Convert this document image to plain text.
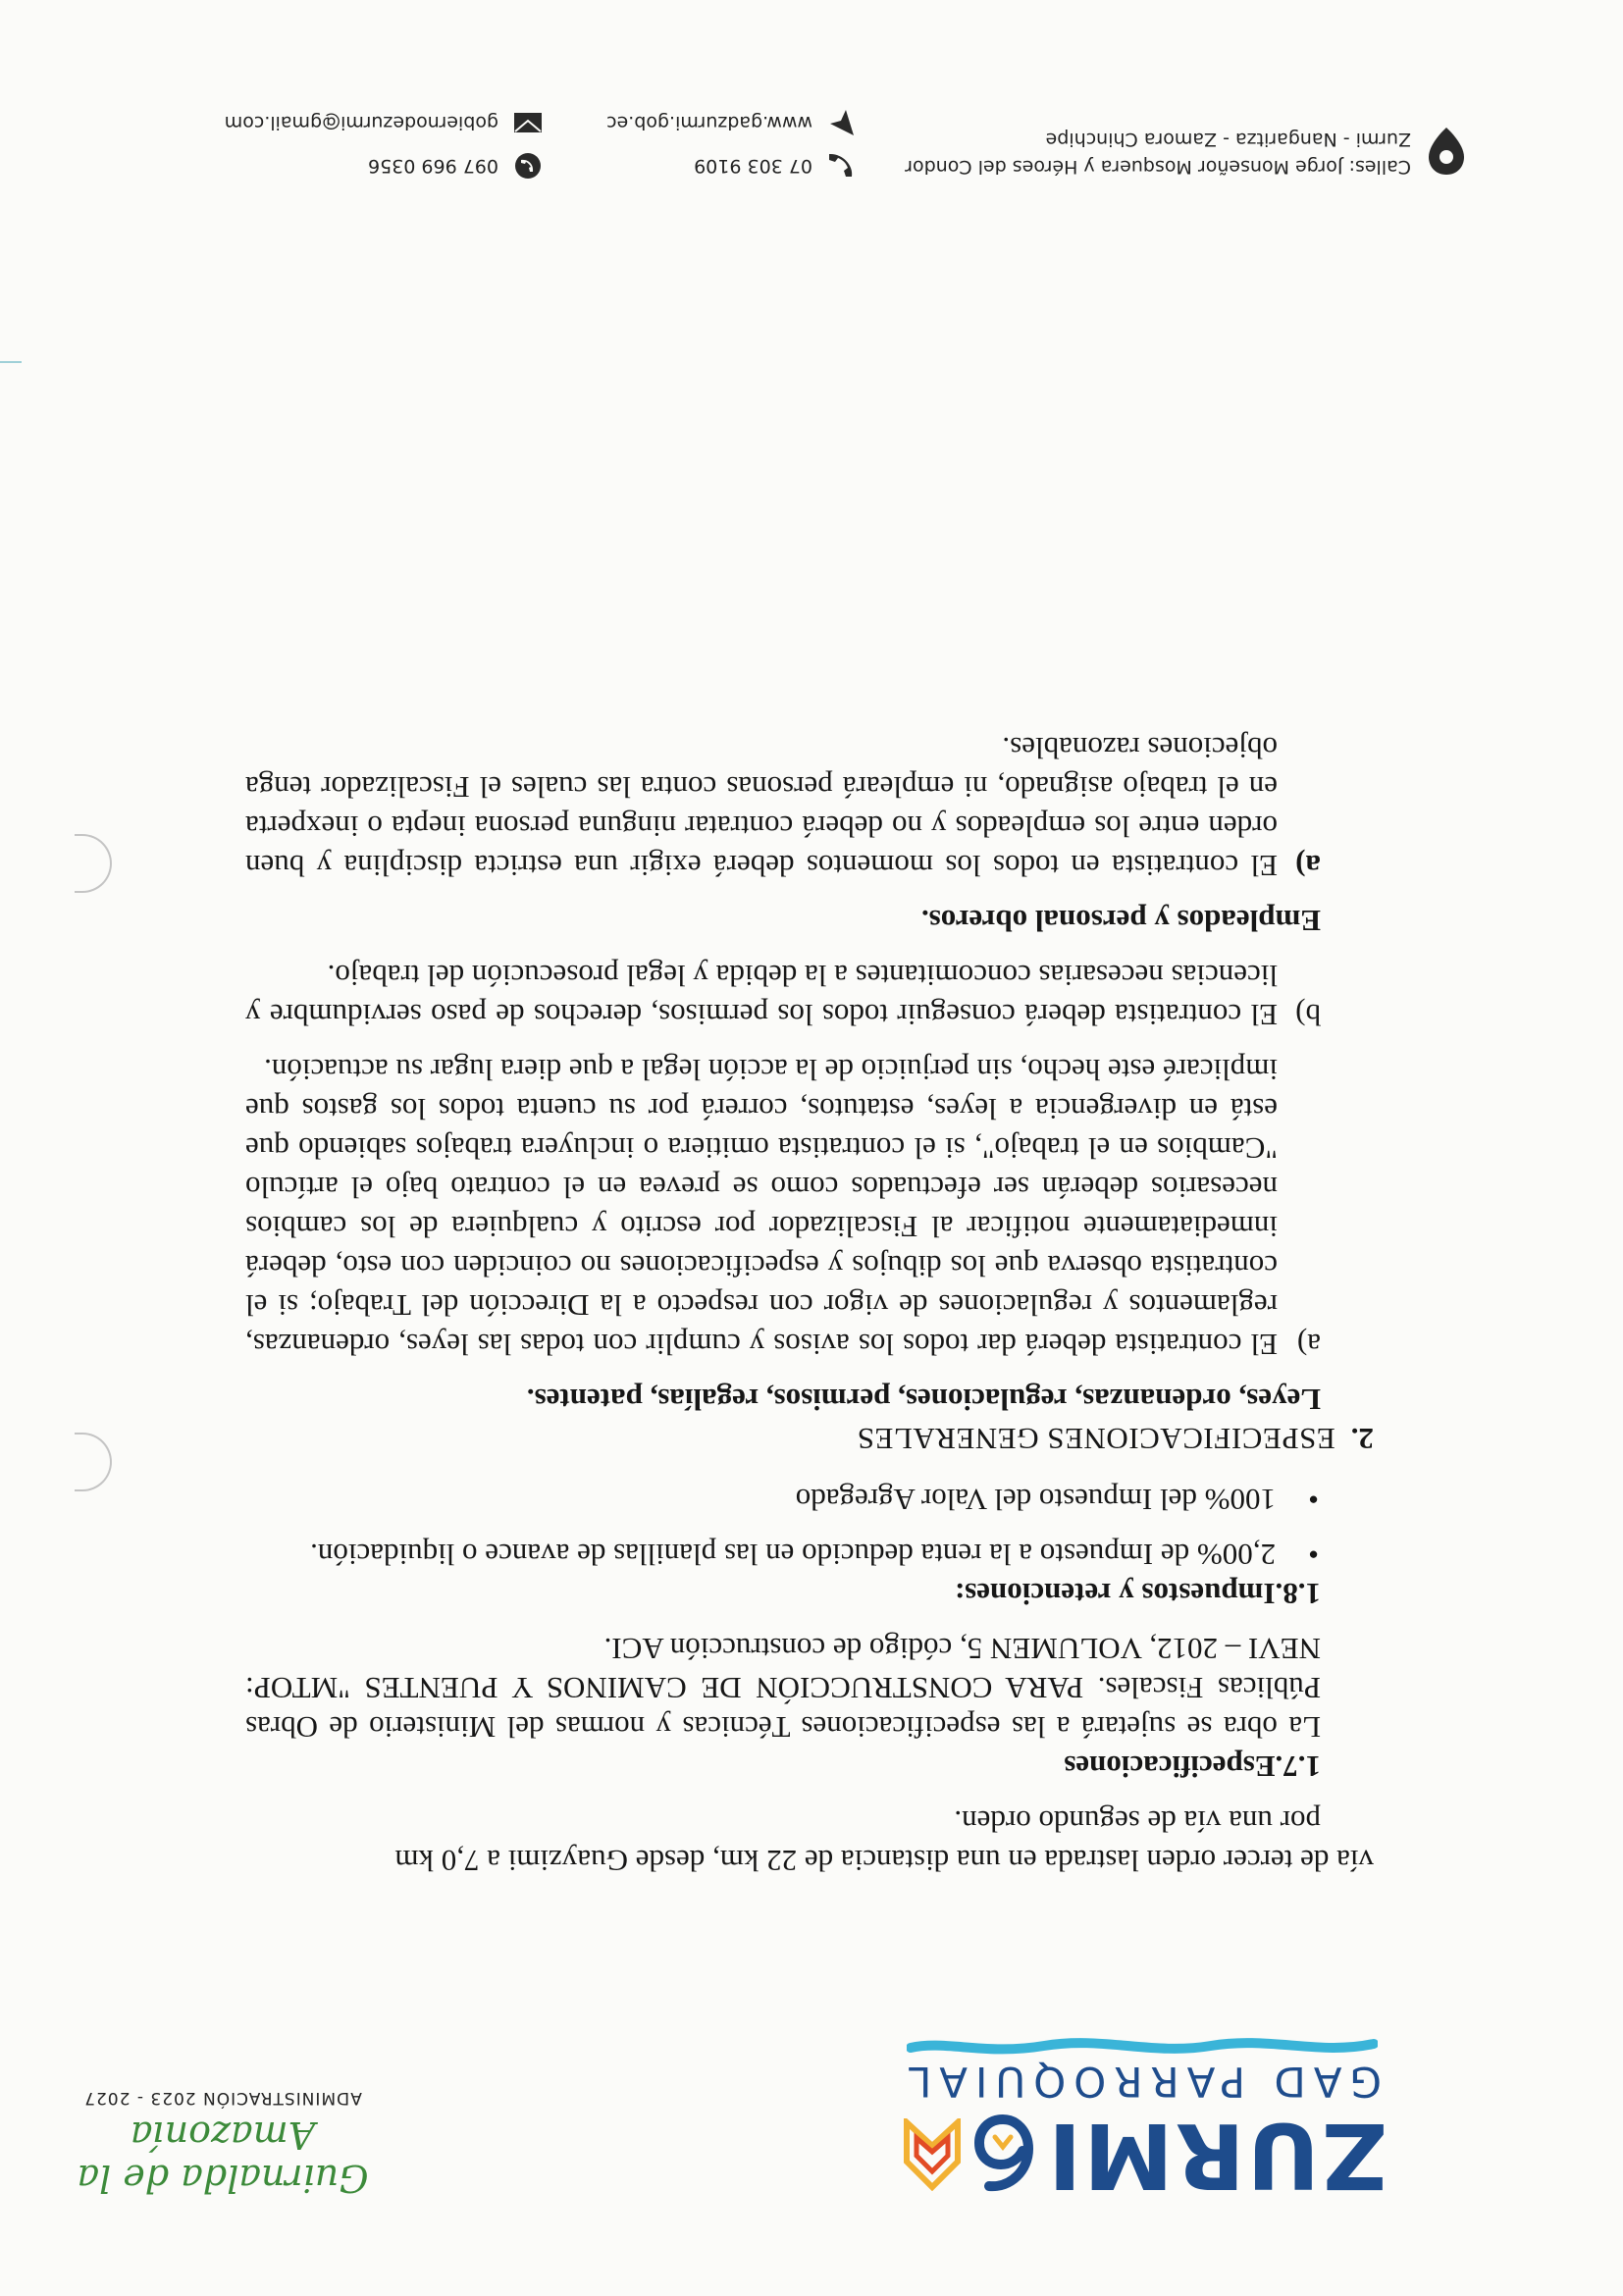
ZURMI
GAD PARROQUIAL
Guirnalda de la Amazonía
ADMINISTRACIÓN 2023 - 2027

vía de tercer orden lastrada en una distancia de 22 km, desde Guayzimi a 7,0 km

por una vía de segundo orden.

1.7.Especificaciones

La obra se sujetará a las especificaciones Técnicas y normas del Ministerio de Obras Públicas Fiscales. PARA CONSTRUCCIÓN DE CAMINOS Y PUENTES "MTOP: NEVI – 2012, VOLUMEN 5, código de construcción ACI.

1.8.Impuestos y retenciones:

• 2,00% de Impuesto a la renta deducido en las planillas de avance o liquidación.

• 100% del Impuesto del Valor Agregado

2.ESPECIFICACIONES GENERALES

Leyes, ordenanzas, regulaciones, permisos, regalías, patentes.

a)

El contratista deberá dar todos los avisos y cumplir con todas las leyes, ordenanzas, reglamentos y regulaciones de vigor con respecto a la Dirección del Trabajo; si el contratista observa que los dibujos y especificaciones no coinciden con esto, deberá inmediatamente notificar al Fiscalizador por escrito y cualquiera de los cambios necesarios deberán ser efectuados como se prevea en el contrato bajo el artículo "Cambios en el trabajo", si el contratista omitiera o incluyera trabajos sabiendo que está en divergencia a leyes, estatutos, correrá por su cuenta todos los gastos que implicaré este hecho, sin perjuicio de la acción legal a que diera lugar su actuación.

b)

El contratista deberá conseguir todos los permisos, derechos de paso servidumbre y licencias necesarias concomitantes a la debida y legal prosecución del trabajo.

Empleados y personal obreros.

a)

El contratista en todos los momentos deberá exigir una estricta disciplina y buen orden entre los empleados y no deberá contratar ninguna persona inepta o inexperta en el trabajo asignado, ni empleará personas contra las cuales el Fiscalizador tenga objeciones razonables.

Calles: Jorge Monseñor Mosquera y Héroes del Condor
Zurmi - Nangaritza - Zamora Chinchipe
07 303 9109
www.gadzurmi.gob.ec
097 969 0356
gobiernodezurmi@gmail.com
